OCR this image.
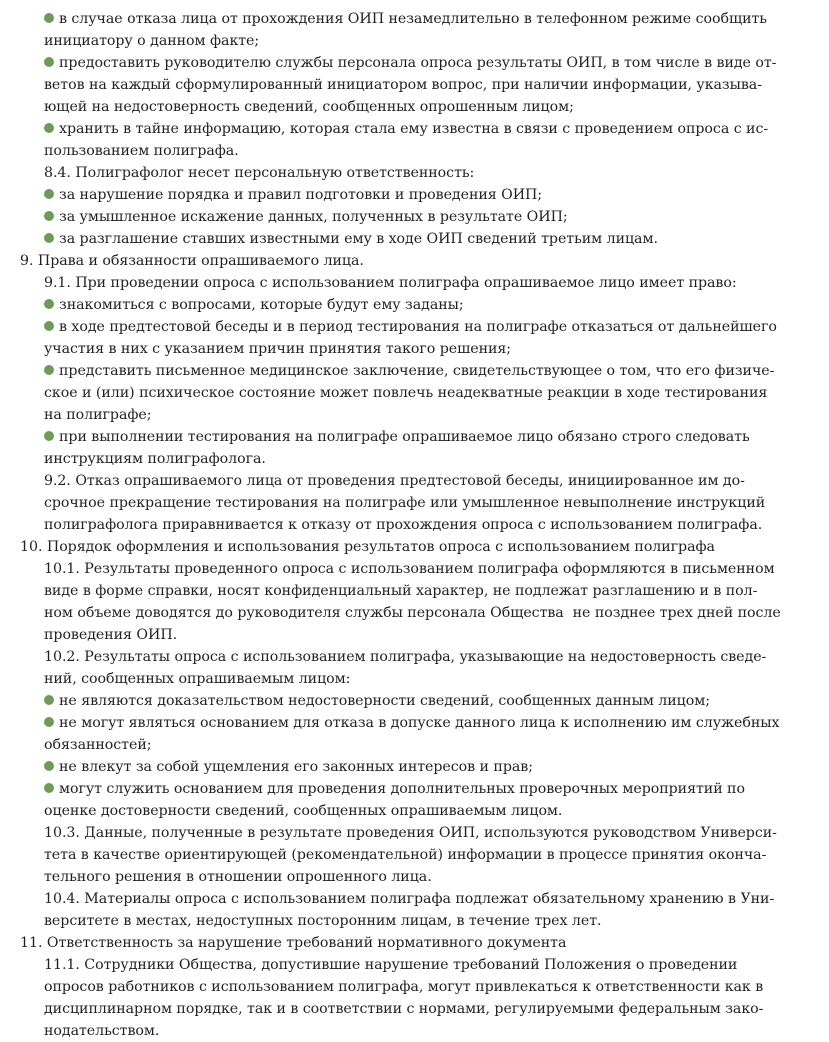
в случае отказа лица от прохождения ОИП незамедлительно в телефонном режиме сообщить
инициатору о данном факте;
предоставить руководителю службы персонала опроса результаты ОИП, в том числе в виде от-
ветов на каждый сформулированный инициатором вопрос, при наличии информации, указыва-
ющей на недостоверность сведений, сообщенных опрошенным лицом;
хранить в тайне информацию, которая стала ему известна в связи с проведением опроса с ис-
пользованием полиграфа.
8.4. Полиграфолог несет персональную ответственность:
за нарушение порядка и правил подготовки и проведения ОИП;
за умышленное искажение данных, полученных в результате ОИП;
за разглашение ставших известными ему в ходе ОИП сведений третьим лицам.
9. Права и обязанности опрашиваемого лица.
9.1. При проведении опроса с использованием полиграфа опрашиваемое лицо имеет право:
знакомиться с вопросами, которые будут ему заданы;
в ходе предтестовой беседы и в период тестирования на полиграфе отказаться от дальнейшего
участия в них с указанием причин принятия такого решения;
представить письменное медицинское заключение, свидетельствующее о том, что его физиче-
ское и (или) психическое состояние может повлечь неадекватные реакции в ходе тестирования
на полиграфе;
при выполнении тестирования на полиграфе опрашиваемое лицо обязано строго следовать
инструкциям полиграфолога.
9.2. Отказ опрашиваемого лица от проведения предтестовой беседы, инициированное им до-
срочное прекращение тестирования на полиграфе или умышленное невыполнение инструкций
полиграфолога приравнивается к отказу от прохождения опроса с использованием полиграфа.
10. Порядок оформления и использования результатов опроса с использованием полиграфа
10.1. Результаты проведенного опроса с использованием полиграфа оформляются в письменном
виде в форме справки, носят конфиденциальный характер, не подлежат разглашению и в пол-
ном объеме доводятся до руководителя службы персонала Общества  не позднее трех дней после
проведения ОИП.
10.2. Результаты опроса с использованием полиграфа, указывающие на недостоверность сведе-
ний, сообщенных опрашиваемым лицом:
не являются доказательством недостоверности сведений, сообщенных данным лицом;
не могут являться основанием для отказа в допуске данного лица к исполнению им служебных
обязанностей;
не влекут за собой ущемления его законных интересов и прав;
могут служить основанием для проведения дополнительных проверочных мероприятий по
оценке достоверности сведений, сообщенных опрашиваемым лицом.
10.3. Данные, полученные в результате проведения ОИП, используются руководством Универси-
тета в качестве ориентирующей (рекомендательной) информации в процессе принятия оконча-
тельного решения в отношении опрошенного лица.
10.4. Материалы опроса с использованием полиграфа подлежат обязательному хранению в Уни-
верситете в местах, недоступных посторонним лицам, в течение трех лет.
11. Ответственность за нарушение требований нормативного документа
11.1. Сотрудники Общества, допустившие нарушение требований Положения о проведении
опросов работников с использованием полиграфа, могут привлекаться к ответственности как в
дисциплинарном порядке, так и в соответствии с нормами, регулируемыми федеральным зако-
нодательством.
